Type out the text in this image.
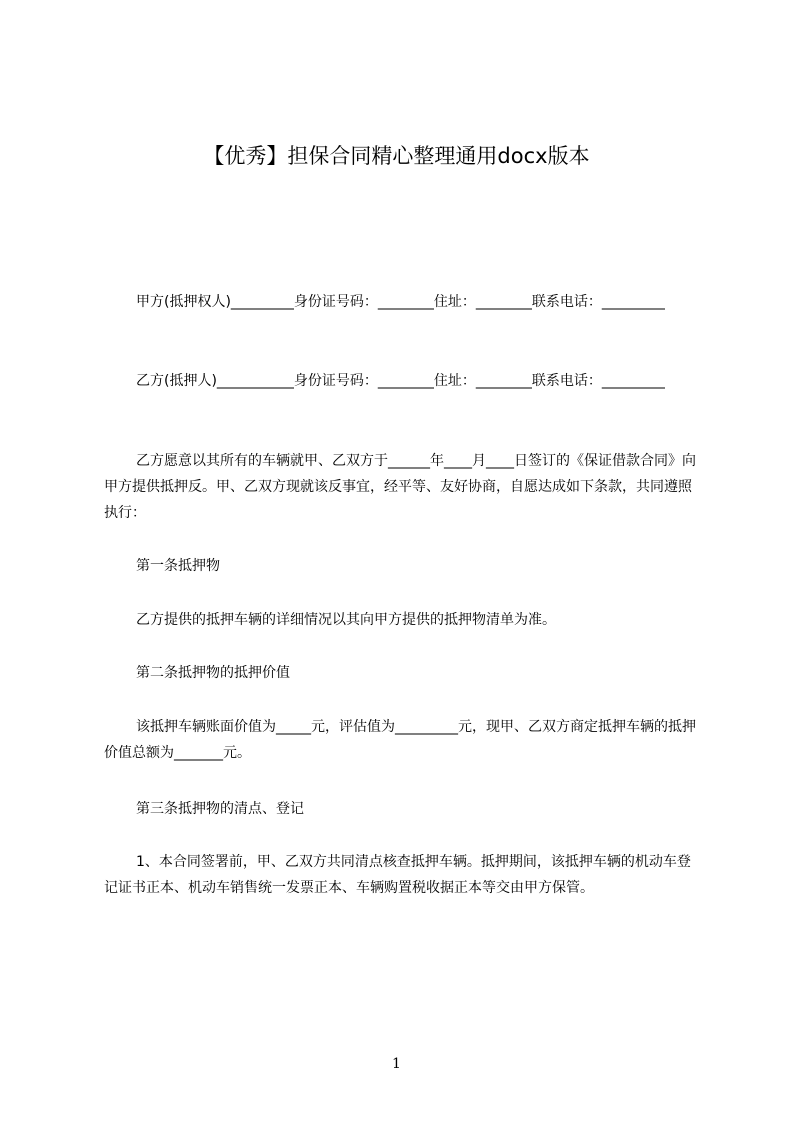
【优秀】担保合同精心整理通用docx版本

甲方(抵押权人)_________身份证号码：________住址：________联系电话：_________

乙方(抵押人)___________身份证号码：________住址：________联系电话：_________

乙方愿意以其所有的车辆就甲、乙双方于______年____月____日签订的《保证借款合同》向甲方提供抵押反。甲、乙双方现就该反事宜，经平等、友好协商，自愿达成如下条款，共同遵照执行：

第一条抵押物

乙方提供的抵押车辆的详细情况以其向甲方提供的抵押物清单为准。

第二条抵押物的抵押价值

该抵押车辆账面价值为_____元，评估值为_________元，现甲、乙双方商定抵押车辆的抵押价值总额为_______元。

第三条抵押物的清点、登记

1、本合同签署前，甲、乙双方共同清点核查抵押车辆。抵押期间，该抵押车辆的机动车登记证书正本、机动车销售统一发票正本、车辆购置税收据正本等交由甲方保管。

1
